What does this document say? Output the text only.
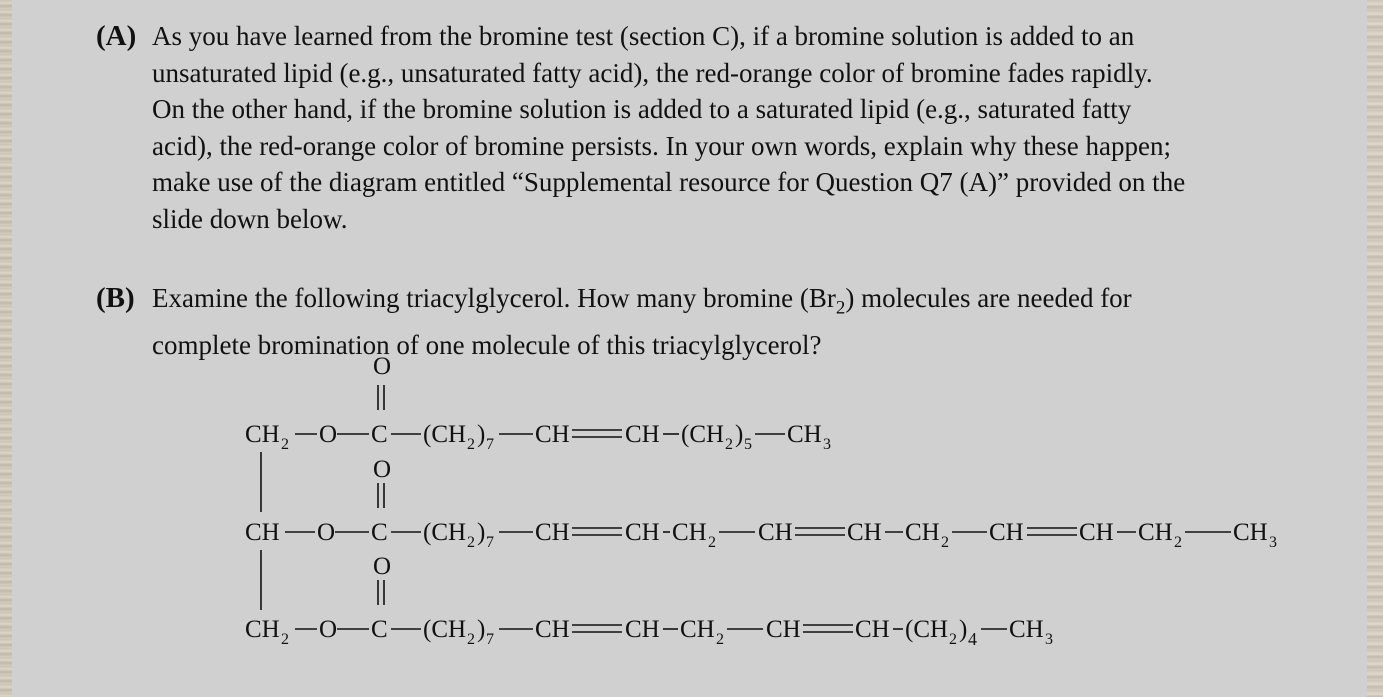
(A) As you have learned from the bromine test (section C), if a bromine solution is added to an
unsaturated lipid (e.g., unsaturated fatty acid), the red-orange color of bromine fades rapidly.
On the other hand, if the bromine solution is added to a saturated lipid (e.g., saturated fatty
acid), the red-orange color of bromine persists. In your own words, explain why these happen;
make use of the diagram entitled “Supplemental resource for Question Q7 (A)” provided on the
slide down below.
(B) Examine the following triacylglycerol. How many bromine $(Br_2)$ molecules are needed for
complete bromination of one molecule of this triacylglycerol?
O
O
O
CH 2 O C (CH 2 ) 7 CH CH (CH 2 ) 5 CH 3
CH O C (CH 2 ) 7 CH CH CH 2 CH CH CH 2 CH CH CH 2 CH 3
CH 2 O C (CH 2 ) 7 CH CH CH 2 CH CH (CH 2 ) 4 CH 3
